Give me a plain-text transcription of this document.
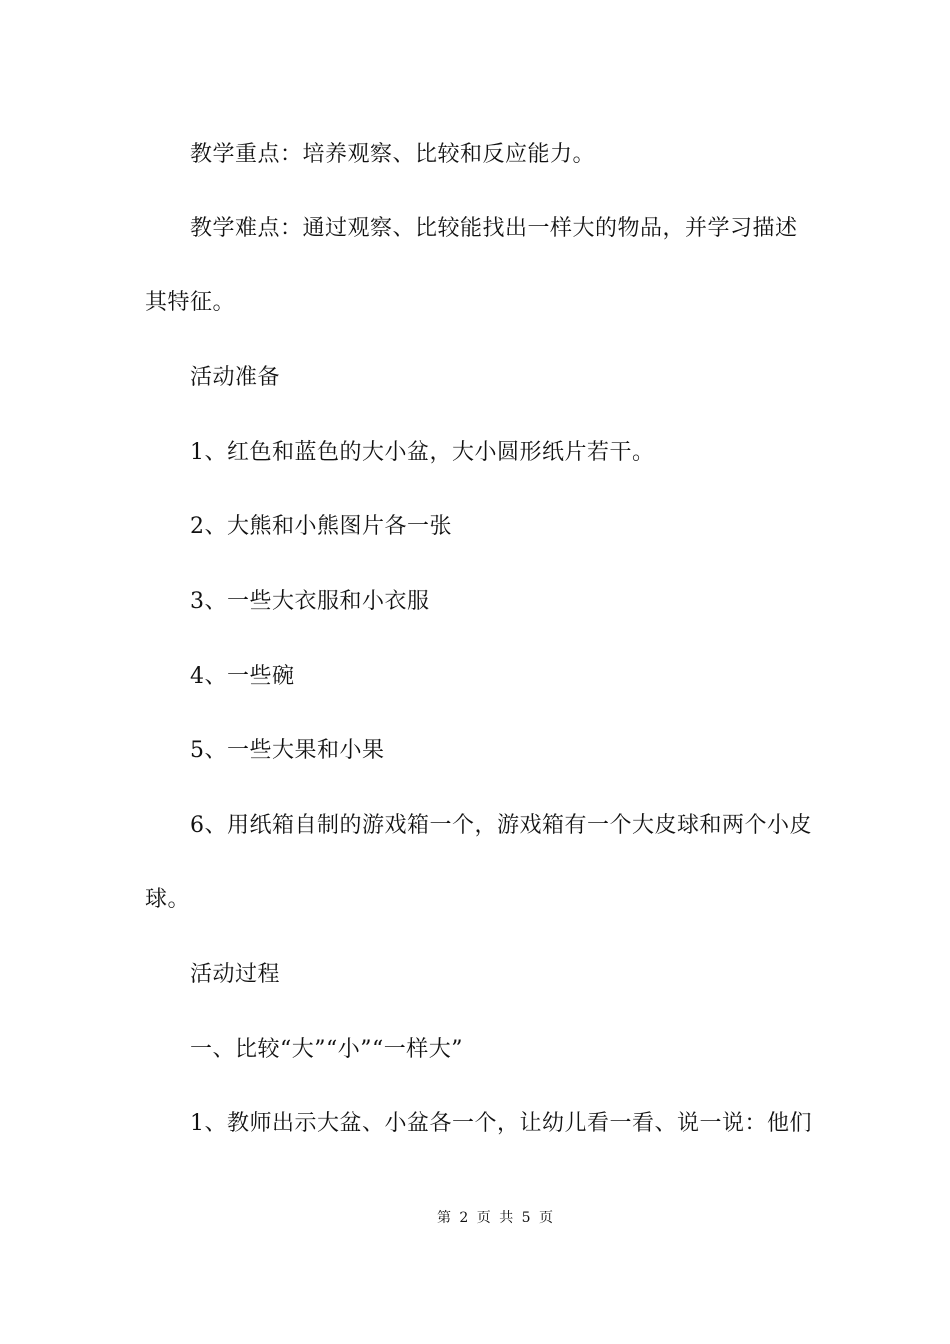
教学重点：培养观察、比较和反应能力。
教学难点：通过观察、比较能找出一样大的物品，并学习描述
其特征。
活动准备
1、红色和蓝色的大小盆，大小圆形纸片若干。
2、大熊和小熊图片各一张
3、一些大衣服和小衣服
4、一些碗
5、一些大果和小果
6、用纸箱自制的游戏箱一个，游戏箱有一个大皮球和两个小皮
球。
活动过程
一、比较“大”“小”“一样大”
1、教师出示大盆、小盆各一个，让幼儿看一看、说一说：他们
第 2 页 共 5 页
